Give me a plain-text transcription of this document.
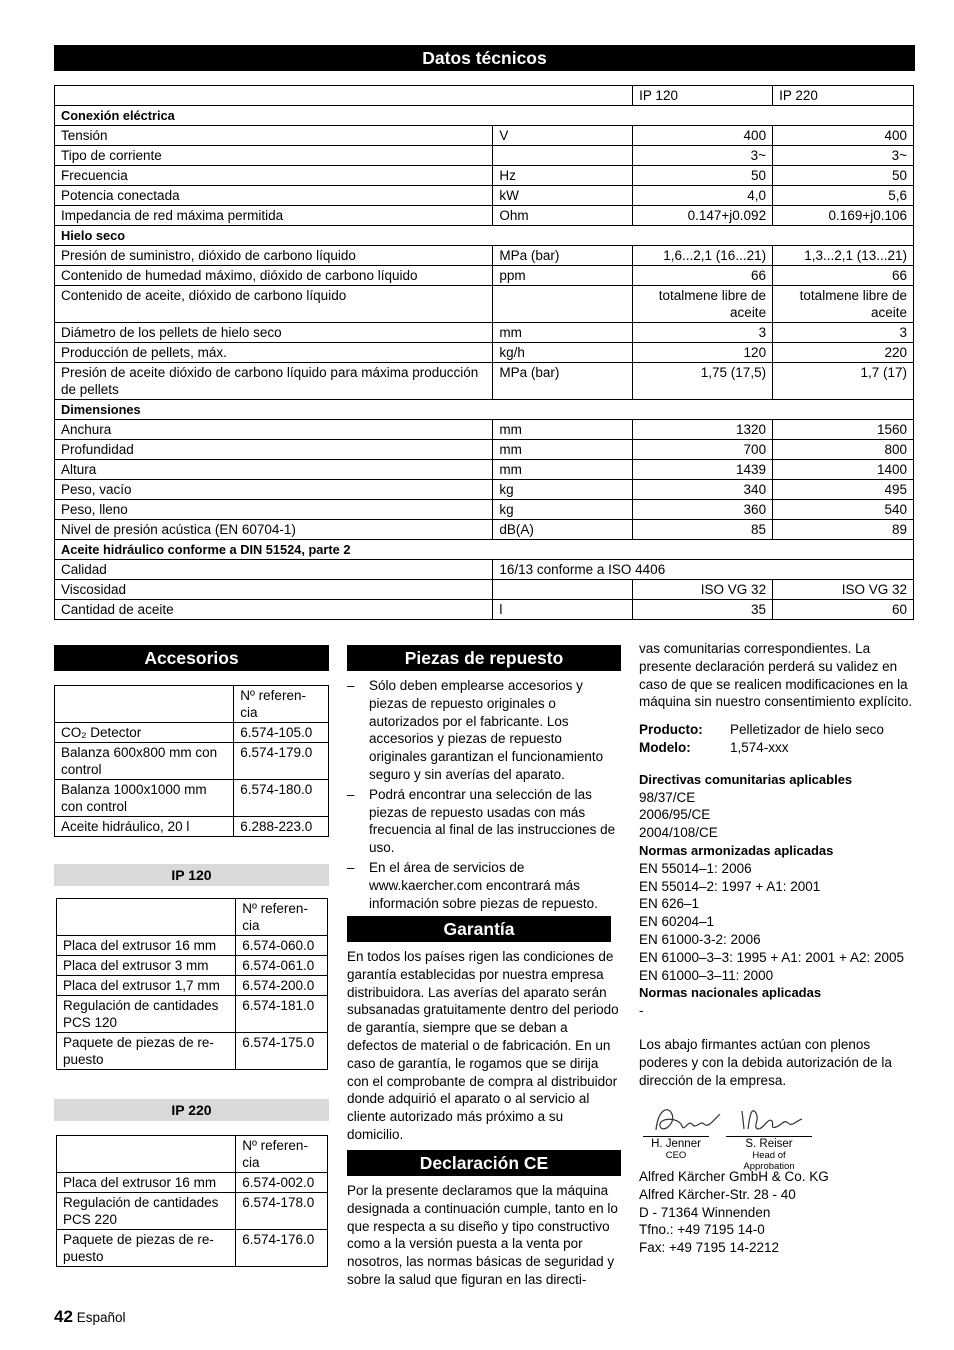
Datos técnicos
		IP 120	IP 220
Conexión eléctrica			
Tensión	V	400	400
Tipo de corriente		3~	3~
Frecuencia	Hz	50	50
Potencia conectada	kW	4,0	5,6
Impedancia de red máxima permitida	Ohm	0.147+j0.092	0.169+j0.106
Hielo seco			
Presión de suministro, dióxido de carbono líquido	MPa (bar)	1,6...2,1 (16...21)	1,3...2,1 (13...21)
Contenido de humedad máximo, dióxido de carbono líquido	ppm	66	66
Contenido de aceite, dióxido de carbono líquido		totalmene libre de aceite	totalmene libre de aceite
Diámetro de los pellets de hielo seco	mm	3	3
Producción de pellets, máx.	kg/h	120	220
Presión de aceite dióxido de carbono líquido para máxima producción de pellets	MPa (bar)	1,75 (17,5)	1,7 (17)
Dimensiones			
Anchura	mm	1320	1560
Profundidad	mm	700	800
Altura	mm	1439	1400
Peso, vacío	kg	340	495
Peso, lleno	kg	360	540
Nivel de presión acústica (EN 60704-1)	dB(A)	85	89
Aceite hidráulico conforme a DIN 51524, parte 2			
Calidad	16/13 conforme a ISO 4406		
Viscosidad		ISO VG 32	ISO VG 32
Cantidad de aceite	l	35	60
Accesorios
	Nº referen-cia
CO₂ Detector	6.574-105.0
Balanza 600x800 mm con control	6.574-179.0
Balanza 1000x1000 mm con control	6.574-180.0
Aceite hidráulico, 20 l	6.288-223.0
IP 120
	Nº referen-cia
Placa del extrusor 16 mm	6.574-060.0
Placa del extrusor 3 mm	6.574-061.0
Placa del extrusor 1,7 mm	6.574-200.0
Regulación de cantidades PCS 120	6.574-181.0
Paquete de piezas de re-puesto	6.574-175.0
IP 220
	Nº referen-cia
Placa del extrusor 16 mm	6.574-002.0
Regulación de cantidades PCS 220	6.574-178.0
Paquete de piezas de re-puesto	6.574-176.0
Piezas de repuesto
– Sólo deben emplearse accesorios y piezas de repuesto originales o autorizados por el fabricante. Los accesorios y piezas de repuesto originales garantizan el funcionamiento seguro y sin averías del aparato.
– Podrá encontrar una selección de las piezas de repuesto usadas con más frecuencia al final de las instrucciones de uso.
– En el área de servicios de www.kaercher.com encontrará más información sobre piezas de repuesto.
Garantía

En todos los países rigen las condiciones de garantía establecidas por nuestra empresa distribuidora. Las averías del aparato serán subsanadas gratuitamente dentro del periodo de garantía, siempre que se deban a defectos de material o de fabricación. En un caso de garantía, le rogamos que se dirija con el comprobante de compra al distribuidor donde adquirió el aparato o al servicio al cliente autorizado más próximo a su domicilio.

Declaración CE

Por la presente declaramos que la máquina designada a continuación cumple, tanto en lo que respecta a su diseño y tipo constructivo como a la versión puesta a la venta por nosotros, las normas básicas de seguridad y sobre la salud que figuran en las directi-

vas comunitarias correspondientes. La presente declaración perderá su validez en caso de que se realicen modificaciones en la máquina sin nuestro consentimiento explícito.

Producto:	Pelletizador de hielo seco
Modelo:	1,574-xxx

Directivas comunitarias aplicables

98/37/CE
2006/95/CE
2004/108/CE

Normas armonizadas aplicadas

EN 55014–1: 2006
EN 55014–2: 1997 + A1: 2001
EN 626–1
EN 60204–1
EN 61000-3-2: 2006
EN 61000–3–3: 1995 + A1: 2001 + A2: 2005
EN 61000–3–11: 2000

Normas nacionales aplicadas

-

Los abajo firmantes actúan con plenos poderes y con la debida autorización de la dirección de la empresa.

H. Jenner
CEO
S. Reiser
Head of Approbation
Alfred Kärcher GmbH & Co. KG
Alfred Kärcher-Str. 28 - 40
D - 71364 Winnenden
Tfno.: +49 7195 14-0
Fax: +49 7195 14-2212
42 Español
